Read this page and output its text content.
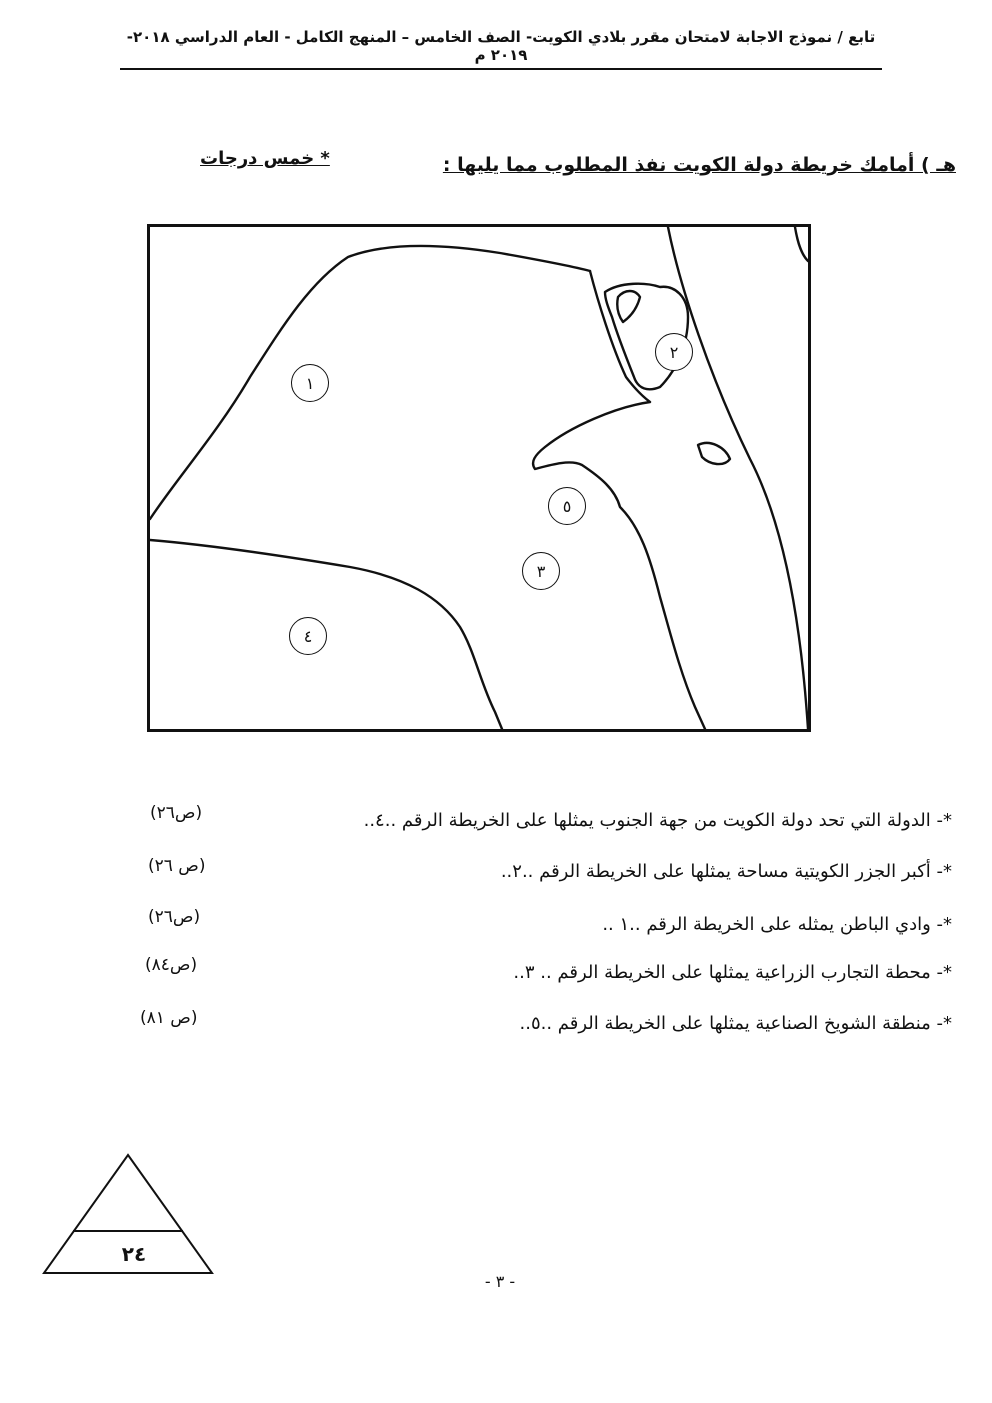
تابع / نموذج الاجابة لامتحان مقرر بلادي الكويت- الصف الخامس – المنهج الكامل - العام الدراسي ٢٠١٨- ٢٠١٩ م
هـ ) أمامك خريطة دولة الكويت نفذ المطلوب مما يليها :
* خمس درجات
١
٢
٣
٤
٥
*- الدولة التي تحد دولة الكويت من جهة الجنوب يمثلها على الخريطة الرقم ..٤..
(ص٢٦)
*- أكبر الجزر الكويتية مساحة يمثلها على الخريطة الرقم ..٢..
(ص ٢٦)
*- وادي الباطن يمثله على الخريطة الرقم ..١ ..
(ص٢٦)
*- محطة التجارب الزراعية يمثلها على الخريطة الرقم .. ٣..
(ص٨٤)
*- منطقة الشويخ الصناعية يمثلها على الخريطة الرقم ..٥..
(ص ٨١)
٢٤
- ٣ -
